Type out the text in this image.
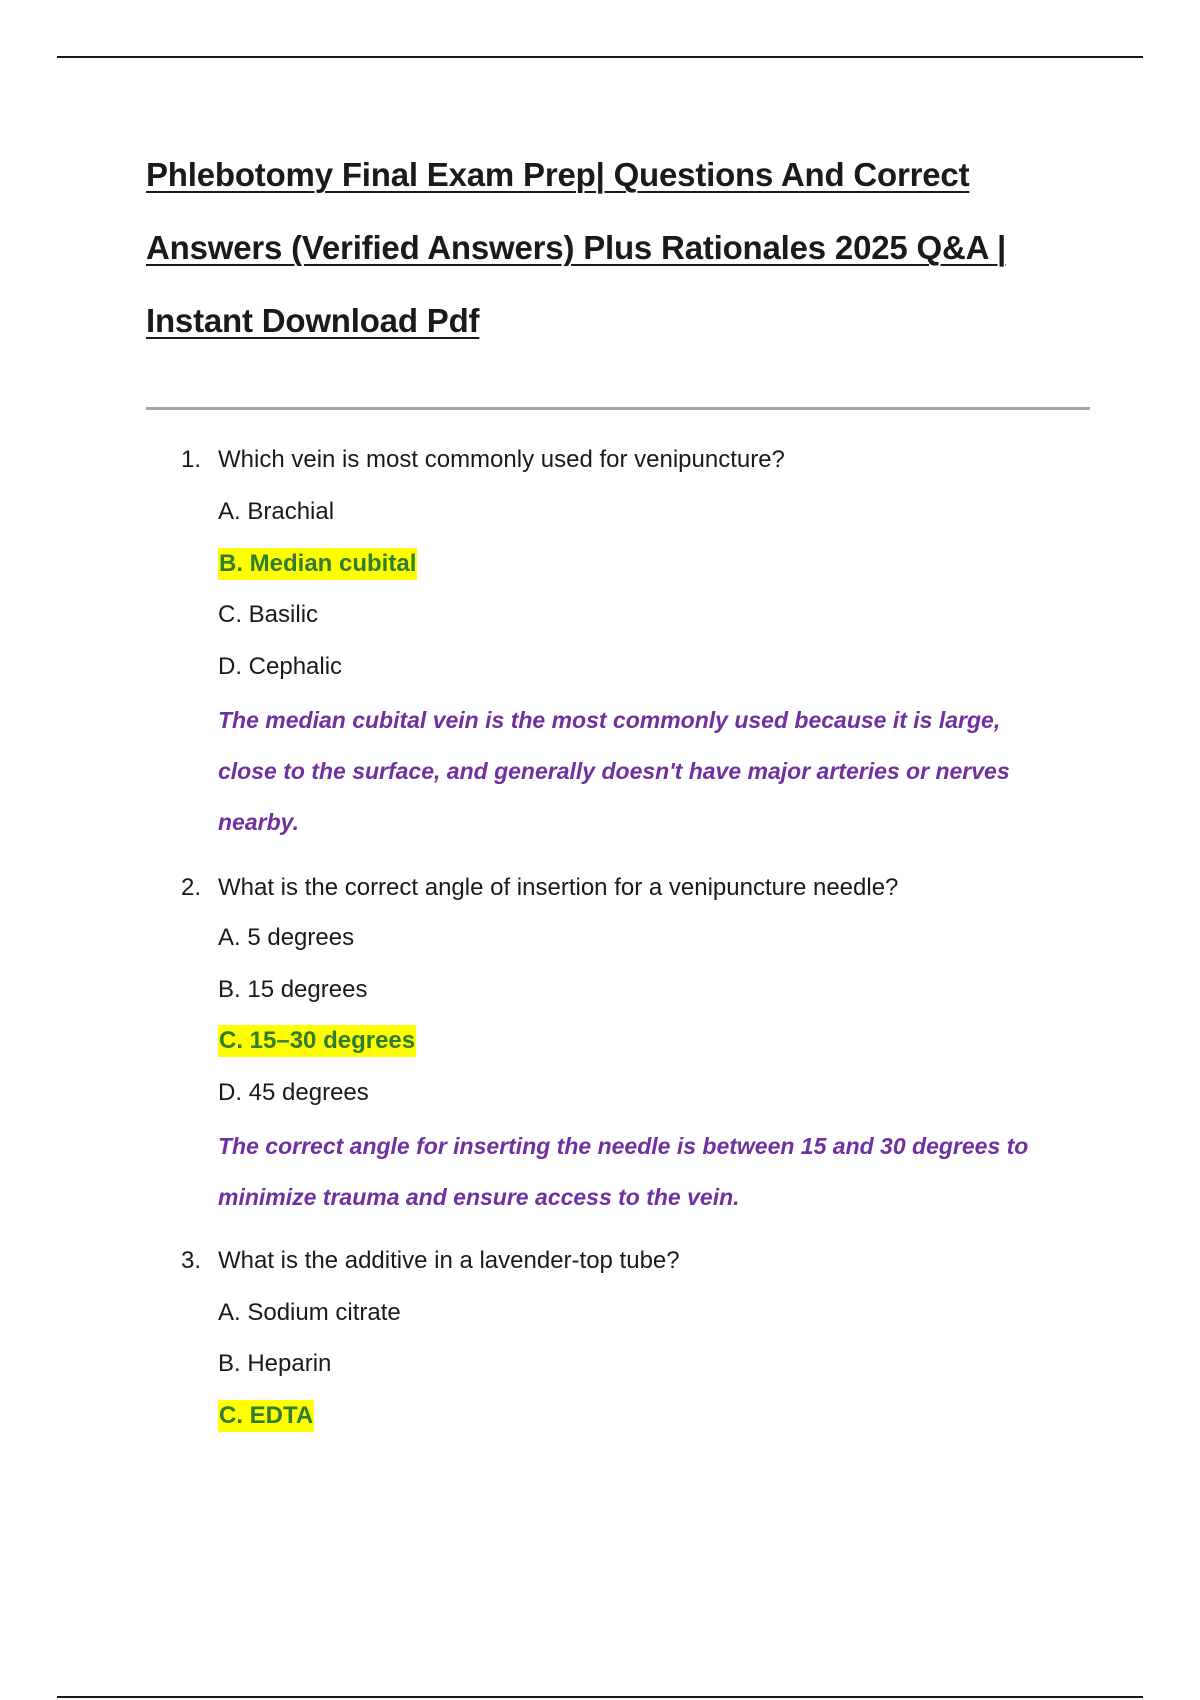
Phlebotomy Final Exam Prep| Questions And Correct
Answers (Verified Answers) Plus Rationales 2025 Q&A |
Instant Download Pdf
1. Which vein is most commonly used for venipuncture?
A. Brachial
B. Median cubital
C. Basilic
D. Cephalic
The median cubital vein is the most commonly used because it is large,
close to the surface, and generally doesn't have major arteries or nerves
nearby.
2. What is the correct angle of insertion for a venipuncture needle?
A. 5 degrees
B. 15 degrees
C. 15–30 degrees
D. 45 degrees
The correct angle for inserting the needle is between 15 and 30 degrees to
minimize trauma and ensure access to the vein.
3. What is the additive in a lavender-top tube?
A. Sodium citrate
B. Heparin
C. EDTA
